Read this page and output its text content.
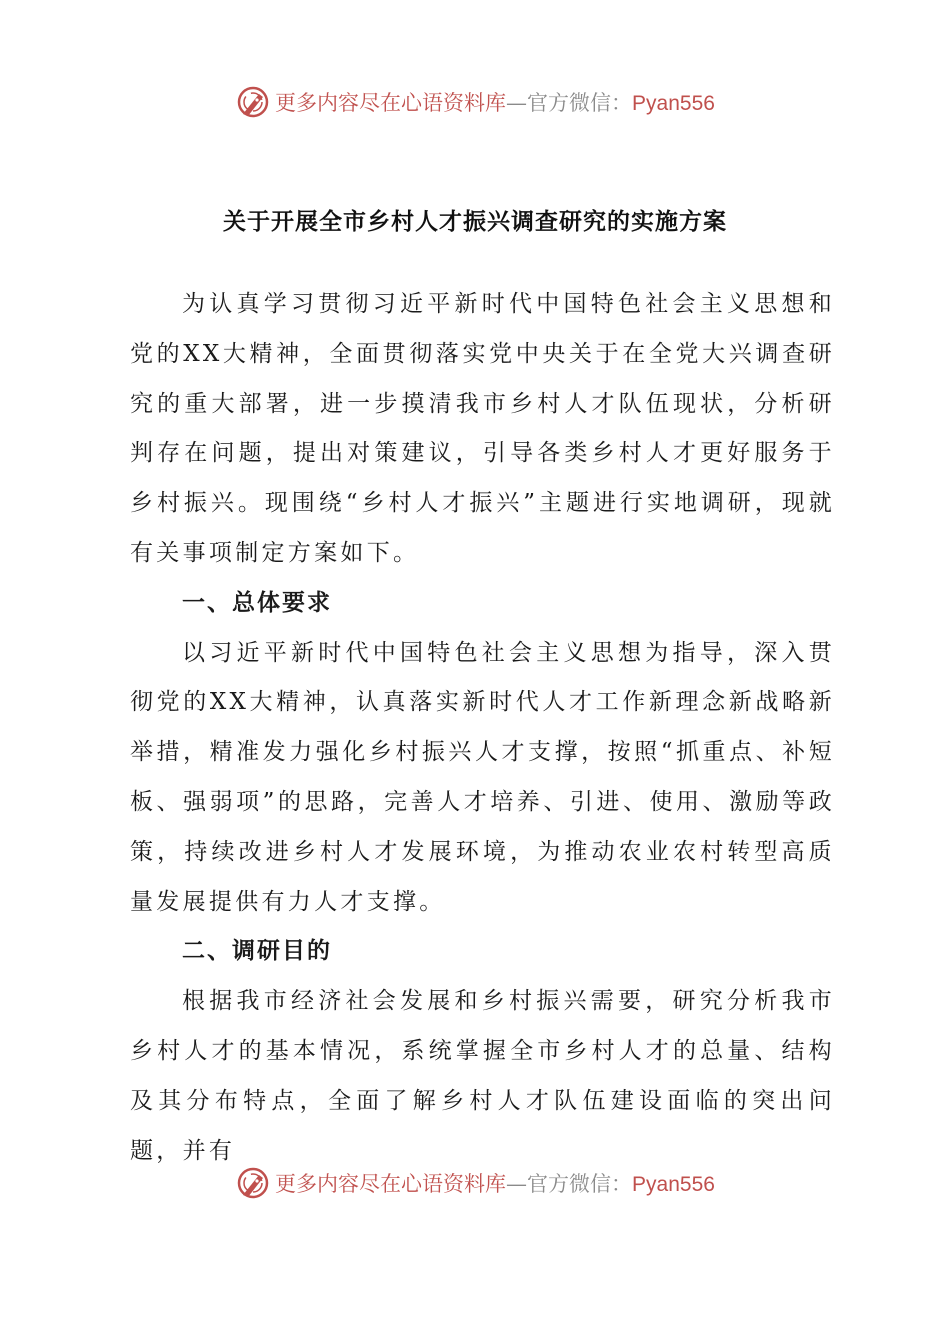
更多内容尽在心语资料库—官方微信：Pyan556
关于开展全市乡村人才振兴调查研究的实施方案

为认真学习贯彻习近平新时代中国特色社会主义思想和党的XX大精神，全面贯彻落实党中央关于在全党大兴调查研究的重大部署，进一步摸清我市乡村人才队伍现状，分析研判存在问题，提出对策建议，引导各类乡村人才更好服务于乡村振兴。现围绕“乡村人才振兴”主题进行实地调研，现就有关事项制定方案如下。

一、总体要求

以习近平新时代中国特色社会主义思想为指导，深入贯彻党的XX大精神，认真落实新时代人才工作新理念新战略新举措，精准发力强化乡村振兴人才支撑，按照“抓重点、补短板、强弱项”的思路，完善人才培养、引进、使用、激励等政策，持续改进乡村人才发展环境，为推动农业农村转型高质量发展提供有力人才支撑。

二、调研目的

根据我市经济社会发展和乡村振兴需要，研究分析我市乡村人才的基本情况，系统掌握全市乡村人才的总量、结构及其分布特点，全面了解乡村人才队伍建设面临的突出问题，并有

更多内容尽在心语资料库—官方微信：Pyan556
